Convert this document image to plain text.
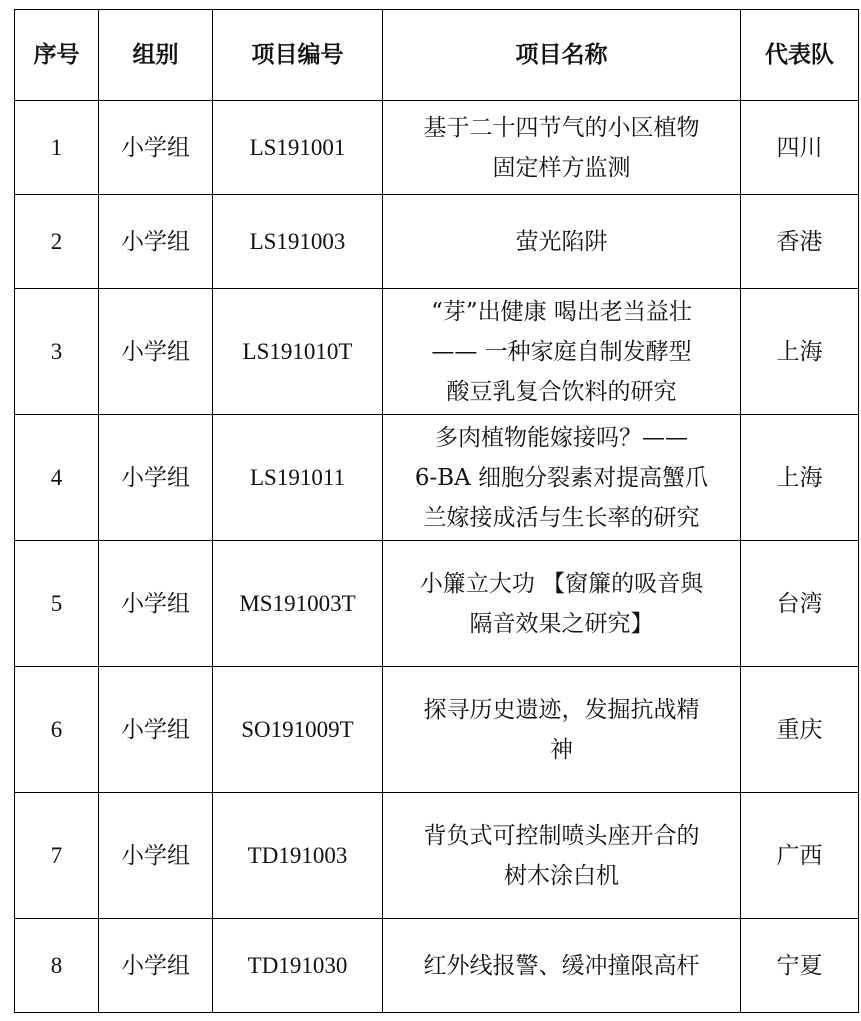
序号	组别	项目编号	项目名称	代表队
1	小学组	LS191001	基于二十四节气的小区植物
固定样方监测	四川
2	小学组	LS191003	萤光陷阱	香港
3	小学组	LS191010T	“芽”出健康 喝出老当益壮
—— 一种家庭自制发酵型
酸豆乳复合饮料的研究	上海
4	小学组	LS191011	多肉植物能嫁接吗？——
6-BA 细胞分裂素对提高蟹爪
兰嫁接成活与生长率的研究	上海
5	小学组	MS191003T	小簾立大功 【窗簾的吸音與
隔音效果之研究】	台湾
6	小学组	SO191009T	探寻历史遗迹，发掘抗战精
神	重庆
7	小学组	TD191003	背负式可控制喷头座开合的
树木涂白机	广西
8	小学组	TD191030	红外线报警、缓冲撞限高杆	宁夏
